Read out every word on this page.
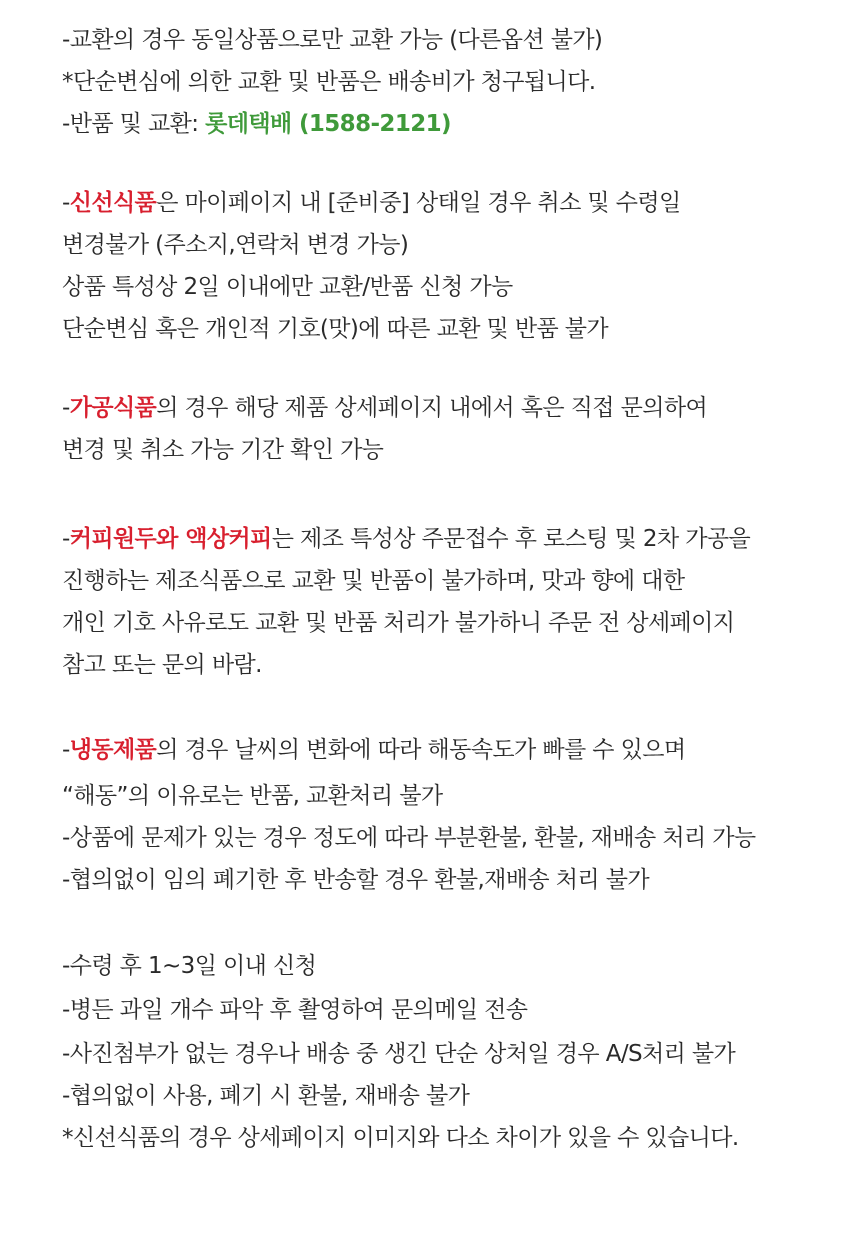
-교환의 경우 동일상품으로만 교환 가능 (다른옵션 불가)
*단순변심에 의한 교환 및 반품은 배송비가 청구됩니다.
-반품 및 교환: 롯데택배 (1588-2121)
-신선식품은 마이페이지 내 [준비중] 상태일 경우 취소 및 수령일
변경불가 (주소지,연락처 변경 가능)
상품 특성상 2일 이내에만 교환/반품 신청 가능
단순변심 혹은 개인적 기호(맛)에 따른 교환 및 반품 불가
-가공식품의 경우 해당 제품 상세페이지 내에서 혹은 직접 문의하여
변경 및 취소 가능 기간 확인 가능
-커피원두와 액상커피는 제조 특성상 주문접수 후 로스팅 및 2차 가공을
진행하는 제조식품으로 교환 및 반품이 불가하며, 맛과 향에 대한
개인 기호 사유로도 교환 및 반품 처리가 불가하니 주문 전 상세페이지
참고 또는 문의 바람.
-냉동제품의 경우 날씨의 변화에 따라 해동속도가 빠를 수 있으며
“해동”의 이유로는 반품, 교환처리 불가
-상품에 문제가 있는 경우 정도에 따라 부분환불, 환불, 재배송 처리 가능
-협의없이 임의 폐기한 후 반송할 경우 환불,재배송 처리 불가
-수령 후 1~3일 이내 신청
-병든 과일 개수 파악 후 촬영하여 문의메일 전송
-사진첨부가 없는 경우나 배송 중 생긴 단순 상처일 경우 A/S처리 불가
-협의없이 사용, 폐기 시 환불, 재배송 불가
*신선식품의 경우 상세페이지 이미지와 다소 차이가 있을 수 있습니다.
